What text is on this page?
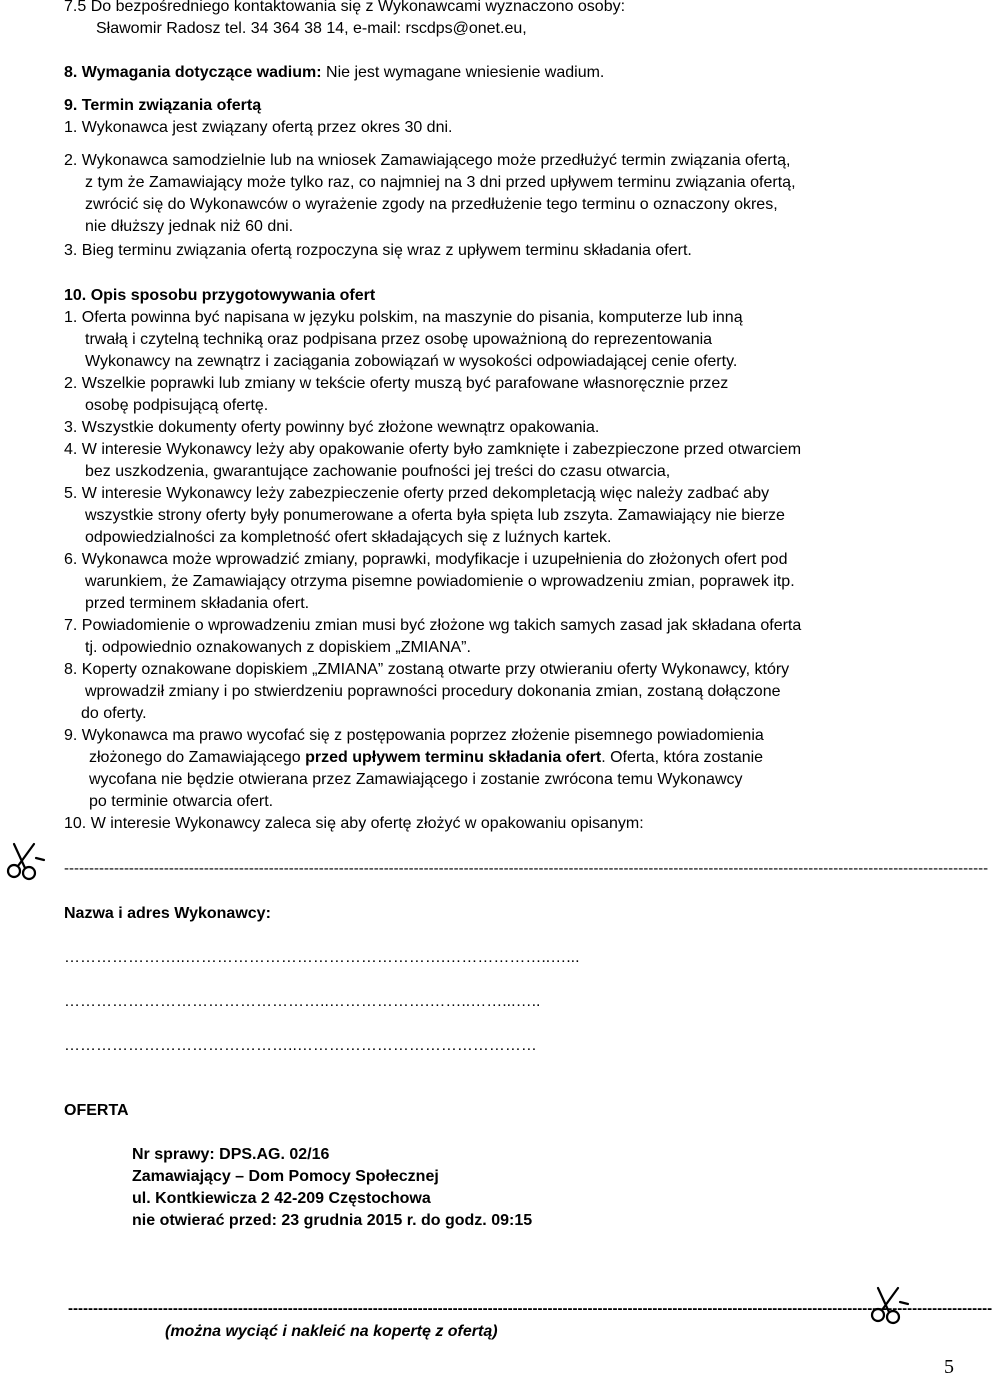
7.5 Do bezpośredniego kontaktowania się z Wykonawcami wyznaczono osoby:
Sławomir Radosz tel. 34 364 38 14, e-mail: rscdps@onet.eu,
8. Wymagania dotyczące wadium: Nie jest wymagane wniesienie wadium.
9. Termin związania ofertą
1. Wykonawca jest związany ofertą przez okres 30 dni.
2. Wykonawca samodzielnie lub na wniosek Zamawiającego może przedłużyć termin związania ofertą,
z tym że Zamawiający może tylko raz, co najmniej na 3 dni przed upływem terminu związania ofertą,
zwrócić się do Wykonawców o wyrażenie zgody na przedłużenie tego terminu o oznaczony okres,
nie dłuższy jednak niż 60 dni.
3. Bieg terminu związania ofertą rozpoczyna się wraz z upływem terminu składania ofert.
10. Opis sposobu przygotowywania ofert
1. Oferta powinna być napisana w języku polskim, na maszynie do pisania, komputerze lub inną
trwałą i czytelną techniką oraz podpisana przez osobę upoważnioną do reprezentowania
Wykonawcy na zewnątrz i zaciągania zobowiązań w wysokości odpowiadającej cenie oferty.
2. Wszelkie poprawki lub zmiany w tekście oferty muszą być parafowane własnoręcznie przez
osobę podpisującą ofertę.
3. Wszystkie dokumenty oferty powinny być złożone wewnątrz opakowania.
4. W interesie Wykonawcy leży aby opakowanie oferty było zamknięte i zabezpieczone przed otwarciem
bez uszkodzenia, gwarantujące zachowanie poufności jej treści do czasu otwarcia,
5. W interesie Wykonawcy leży zabezpieczenie oferty przed dekompletacją więc należy zadbać aby
wszystkie strony oferty były ponumerowane a oferta była spięta lub zszyta. Zamawiający nie bierze
odpowiedzialności za kompletność ofert składających się z luźnych kartek.
6. Wykonawca może wprowadzić zmiany, poprawki, modyfikacje i uzupełnienia do złożonych ofert pod
warunkiem, że Zamawiający otrzyma pisemne powiadomienie o wprowadzeniu zmian, poprawek itp.
przed terminem składania ofert.
7. Powiadomienie o wprowadzeniu zmian musi być złożone wg takich samych zasad jak składana oferta
tj. odpowiednio oznakowanych z dopiskiem „ZMIANA”.
8. Koperty oznakowane dopiskiem „ZMIANA” zostaną otwarte przy otwieraniu oferty Wykonawcy, który
wprowadził zmiany i po stwierdzeniu poprawności procedury dokonania zmian, zostaną dołączone
do oferty.
9. Wykonawca ma prawo wycofać się z postępowania poprzez złożenie pisemnego powiadomienia
złożonego do Zamawiającego przed upływem terminu składania ofert. Oferta, która zostanie
wycofana nie będzie otwierana przez Zamawiającego i zostanie zwrócona temu Wykonawcy
po terminie otwarcia ofert.
10. W interesie Wykonawcy zaleca się aby ofertę złożyć w opakowaniu opisanym:
-----------------------------------------------------------------------------------------------------------------------------------------------------------------------------------------
Nazwa i adres Wykonawcy:
…………………..………………………………………….………………..…...
…………………………………………..……………….……..……...…..
……………………………………..………………………………………
OFERTA
Nr sprawy: DPS.AG. 02/16
Zamawiający – Dom Pomocy Społecznej
ul. Kontkiewicza 2 42-209 Częstochowa
nie otwierać przed: 23 grudnia 2015 r. do godz. 09:15
-----------------------------------------------------------------------------------------------------------------------------------------------------------------------------------------
(można wyciąć i nakleić na kopertę z ofertą)
5
